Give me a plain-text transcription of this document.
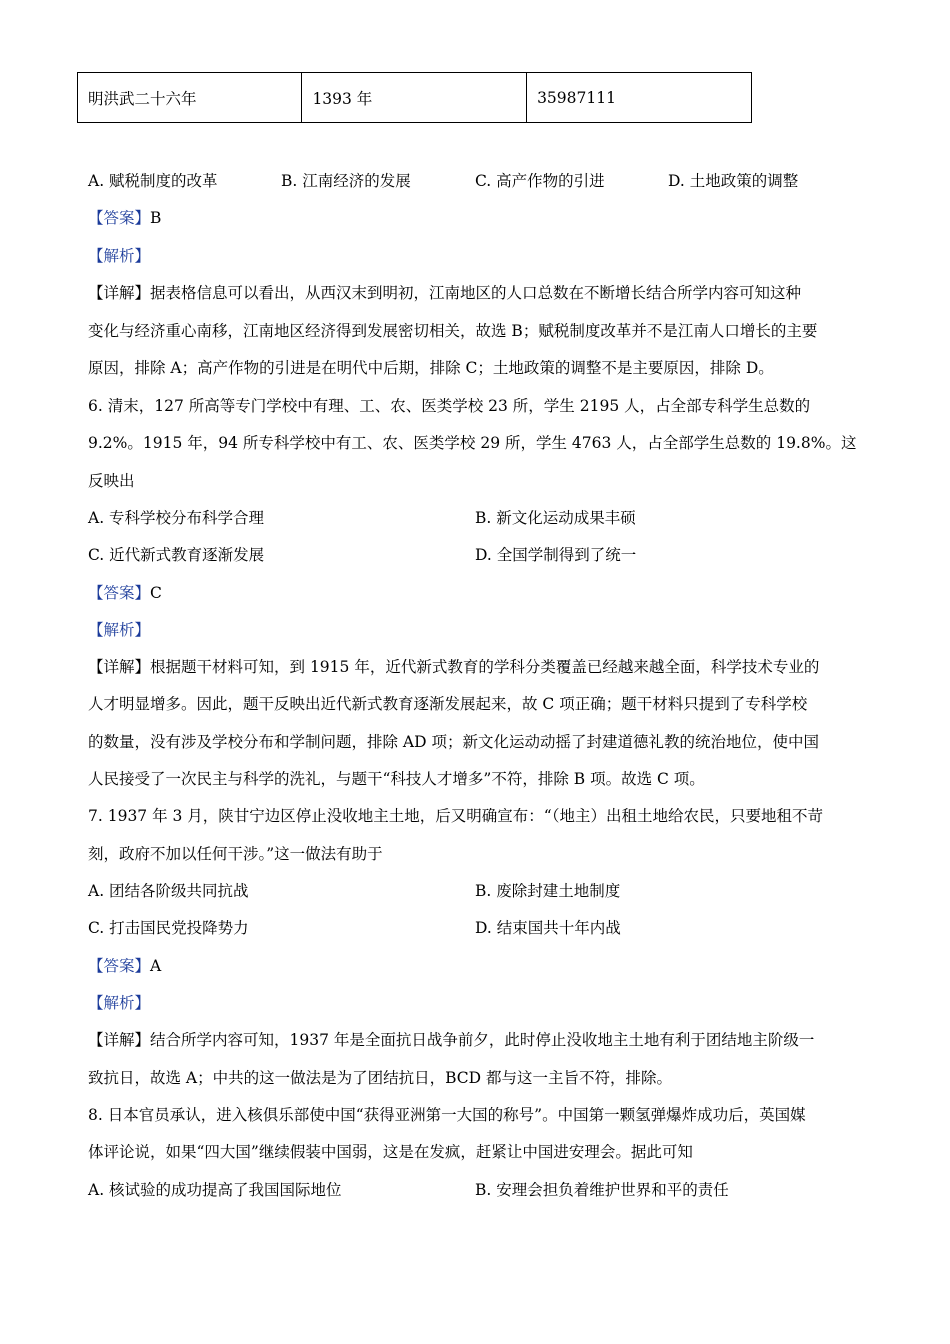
明洪武二十六年	1393 年	35987111
A. 赋税制度的改革	B. 江南经济的发展	C. 高产作物的引进	D. 土地政策的调整
【答案】B
【解析】
【详解】据表格信息可以看出，从西汉末到明初，江南地区的人口总数在不断增长结合所学内容可知这种
变化与经济重心南移，江南地区经济得到发展密切相关，故选 B；赋税制度改革并不是江南人口增长的主要
原因，排除 A；高产作物的引进是在明代中后期，排除 C；土地政策的调整不是主要原因，排除 D。
6. 清末，127 所高等专门学校中有理、工、农、医类学校 23 所，学生 2195 人，占全部专科学生总数的
9.2%。1915 年，94 所专科学校中有工、农、医类学校 29 所，学生 4763 人，占全部学生总数的 19.8%。这
反映出
A. 专科学校分布科学合理	B. 新文化运动成果丰硕
C. 近代新式教育逐渐发展	D. 全国学制得到了统一
【答案】C
【解析】
【详解】根据题干材料可知，到 1915 年，近代新式教育的学科分类覆盖已经越来越全面，科学技术专业的
人才明显增多。因此，题干反映出近代新式教育逐渐发展起来，故 C 项正确；题干材料只提到了专科学校
的数量，没有涉及学校分布和学制问题，排除 AD 项；新文化运动动摇了封建道德礼教的统治地位，使中国
人民接受了一次民主与科学的洗礼，与题干“科技人才增多”不符，排除 B 项。故选 C 项。
7. 1937 年 3 月，陕甘宁边区停止没收地主土地，后又明确宣布：“（地主）出租土地给农民，只要地租不苛
刻，政府不加以任何干涉。”这一做法有助于
A. 团结各阶级共同抗战	B. 废除封建土地制度
C. 打击国民党投降势力	D. 结束国共十年内战
【答案】A
【解析】
【详解】结合所学内容可知，1937 年是全面抗日战争前夕，此时停止没收地主土地有利于团结地主阶级一
致抗日，故选 A；中共的这一做法是为了团结抗日，BCD 都与这一主旨不符，排除。
8. 日本官员承认，进入核俱乐部使中国“获得亚洲第一大国的称号”。中国第一颗氢弹爆炸成功后，英国媒
体评论说，如果“四大国”继续假装中国弱，这是在发疯，赶紧让中国进安理会。据此可知
A. 核试验的成功提高了我国国际地位	B. 安理会担负着维护世界和平的责任
